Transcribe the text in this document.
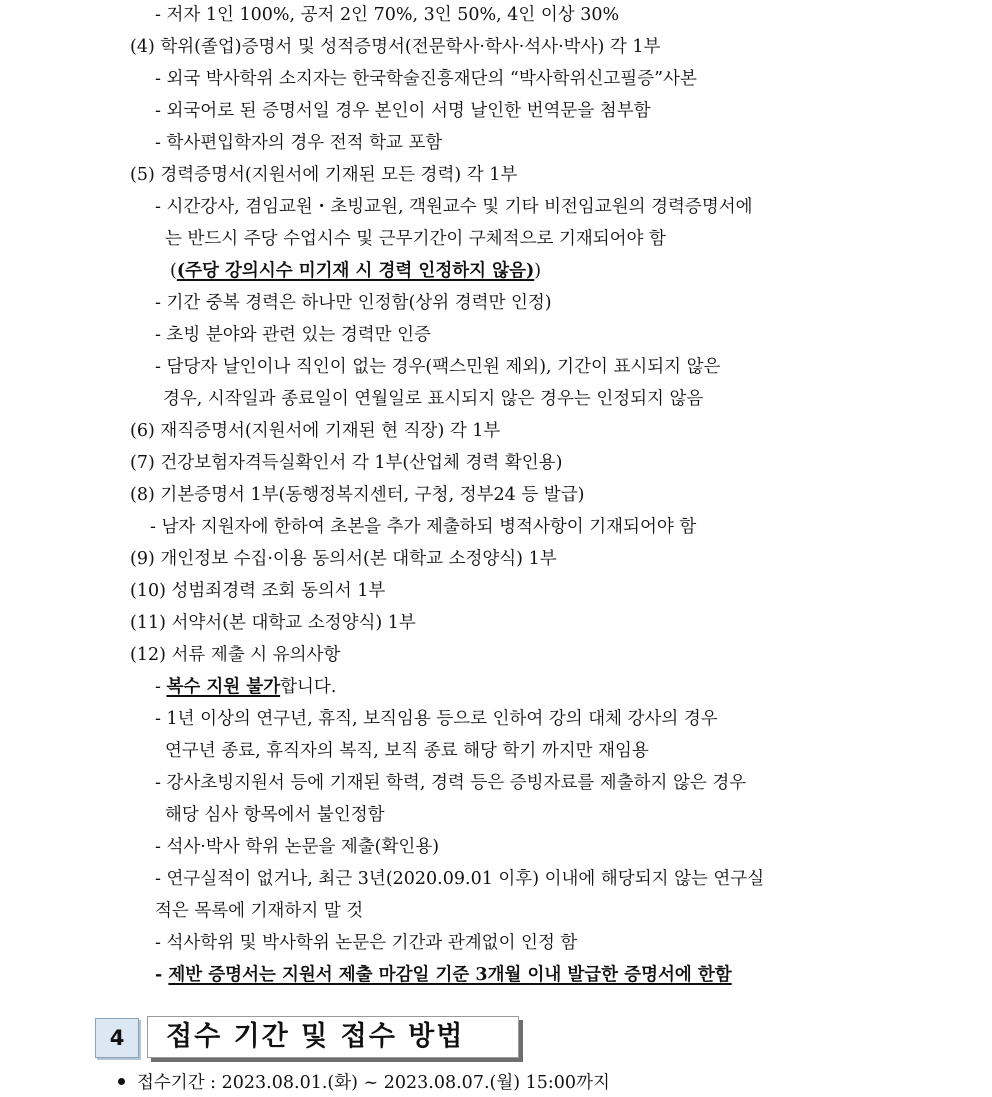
- 저자 1인 100%, 공저 2인 70%, 3인 50%, 4인 이상 30%
(4) 학위(졸업)증명서 및 성적증명서(전문학사·학사·석사·박사) 각 1부
- 외국 박사학위 소지자는 한국학술진흥재단의 “박사학위신고필증”사본
- 외국어로 된 증명서일 경우 본인이 서명 날인한 번역문을 첨부함
- 학사편입학자의 경우 전적 학교 포함
(5) 경력증명서(지원서에 기재된 모든 경력) 각 1부
- 시간강사, 겸임교원・초빙교원, 객원교수 및 기타 비전임교원의 경력증명서에
는 반드시 주당 수업시수 및 근무기간이 구체적으로 기재되어야 함
((주당 강의시수 미기재 시 경력 인정하지 않음))
- 기간 중복 경력은 하나만 인정함(상위 경력만 인정)
- 초빙 분야와 관련 있는 경력만 인증
- 담당자 날인이나 직인이 없는 경우(팩스민원 제외), 기간이 표시되지 않은
경우, 시작일과 종료일이 연월일로 표시되지 않은 경우는 인정되지 않음
(6) 재직증명서(지원서에 기재된 현 직장) 각 1부
(7) 건강보험자격득실확인서 각 1부(산업체 경력 확인용)
(8) 기본증명서 1부(동행정복지센터, 구청, 정부24 등 발급)
- 남자 지원자에 한하여 초본을 추가 제출하되 병적사항이 기재되어야 함
(9) 개인정보 수집·이용 동의서(본 대학교 소정양식) 1부
(10) 성범죄경력 조회 동의서 1부
(11) 서약서(본 대학교 소정양식) 1부
(12) 서류 제출 시 유의사항
- 복수 지원 불가합니다.
- 1년 이상의 연구년, 휴직, 보직임용 등으로 인하여 강의 대체 강사의 경우
연구년 종료, 휴직자의 복직, 보직 종료 해당 학기 까지만 재임용
- 강사초빙지원서 등에 기재된 학력, 경력 등은 증빙자료를 제출하지 않은 경우
해당 심사 항목에서 불인정함
- 석사·박사 학위 논문을 제출(확인용)
- 연구실적이 없거나, 최근 3년(2020.09.01 이후) 이내에 해당되지 않는 연구실
적은 목록에 기재하지 말 것
- 석사학위 및 박사학위 논문은 기간과 관계없이 인정 함
- 제반 증명서는 지원서 제출 마감일 기준 3개월 이내 발급한 증명서에 한함
4	접수 기간 및 접수 방법
접수기간 : 2023.08.01.(화) ~ 2023.08.07.(월) 15:00까지
